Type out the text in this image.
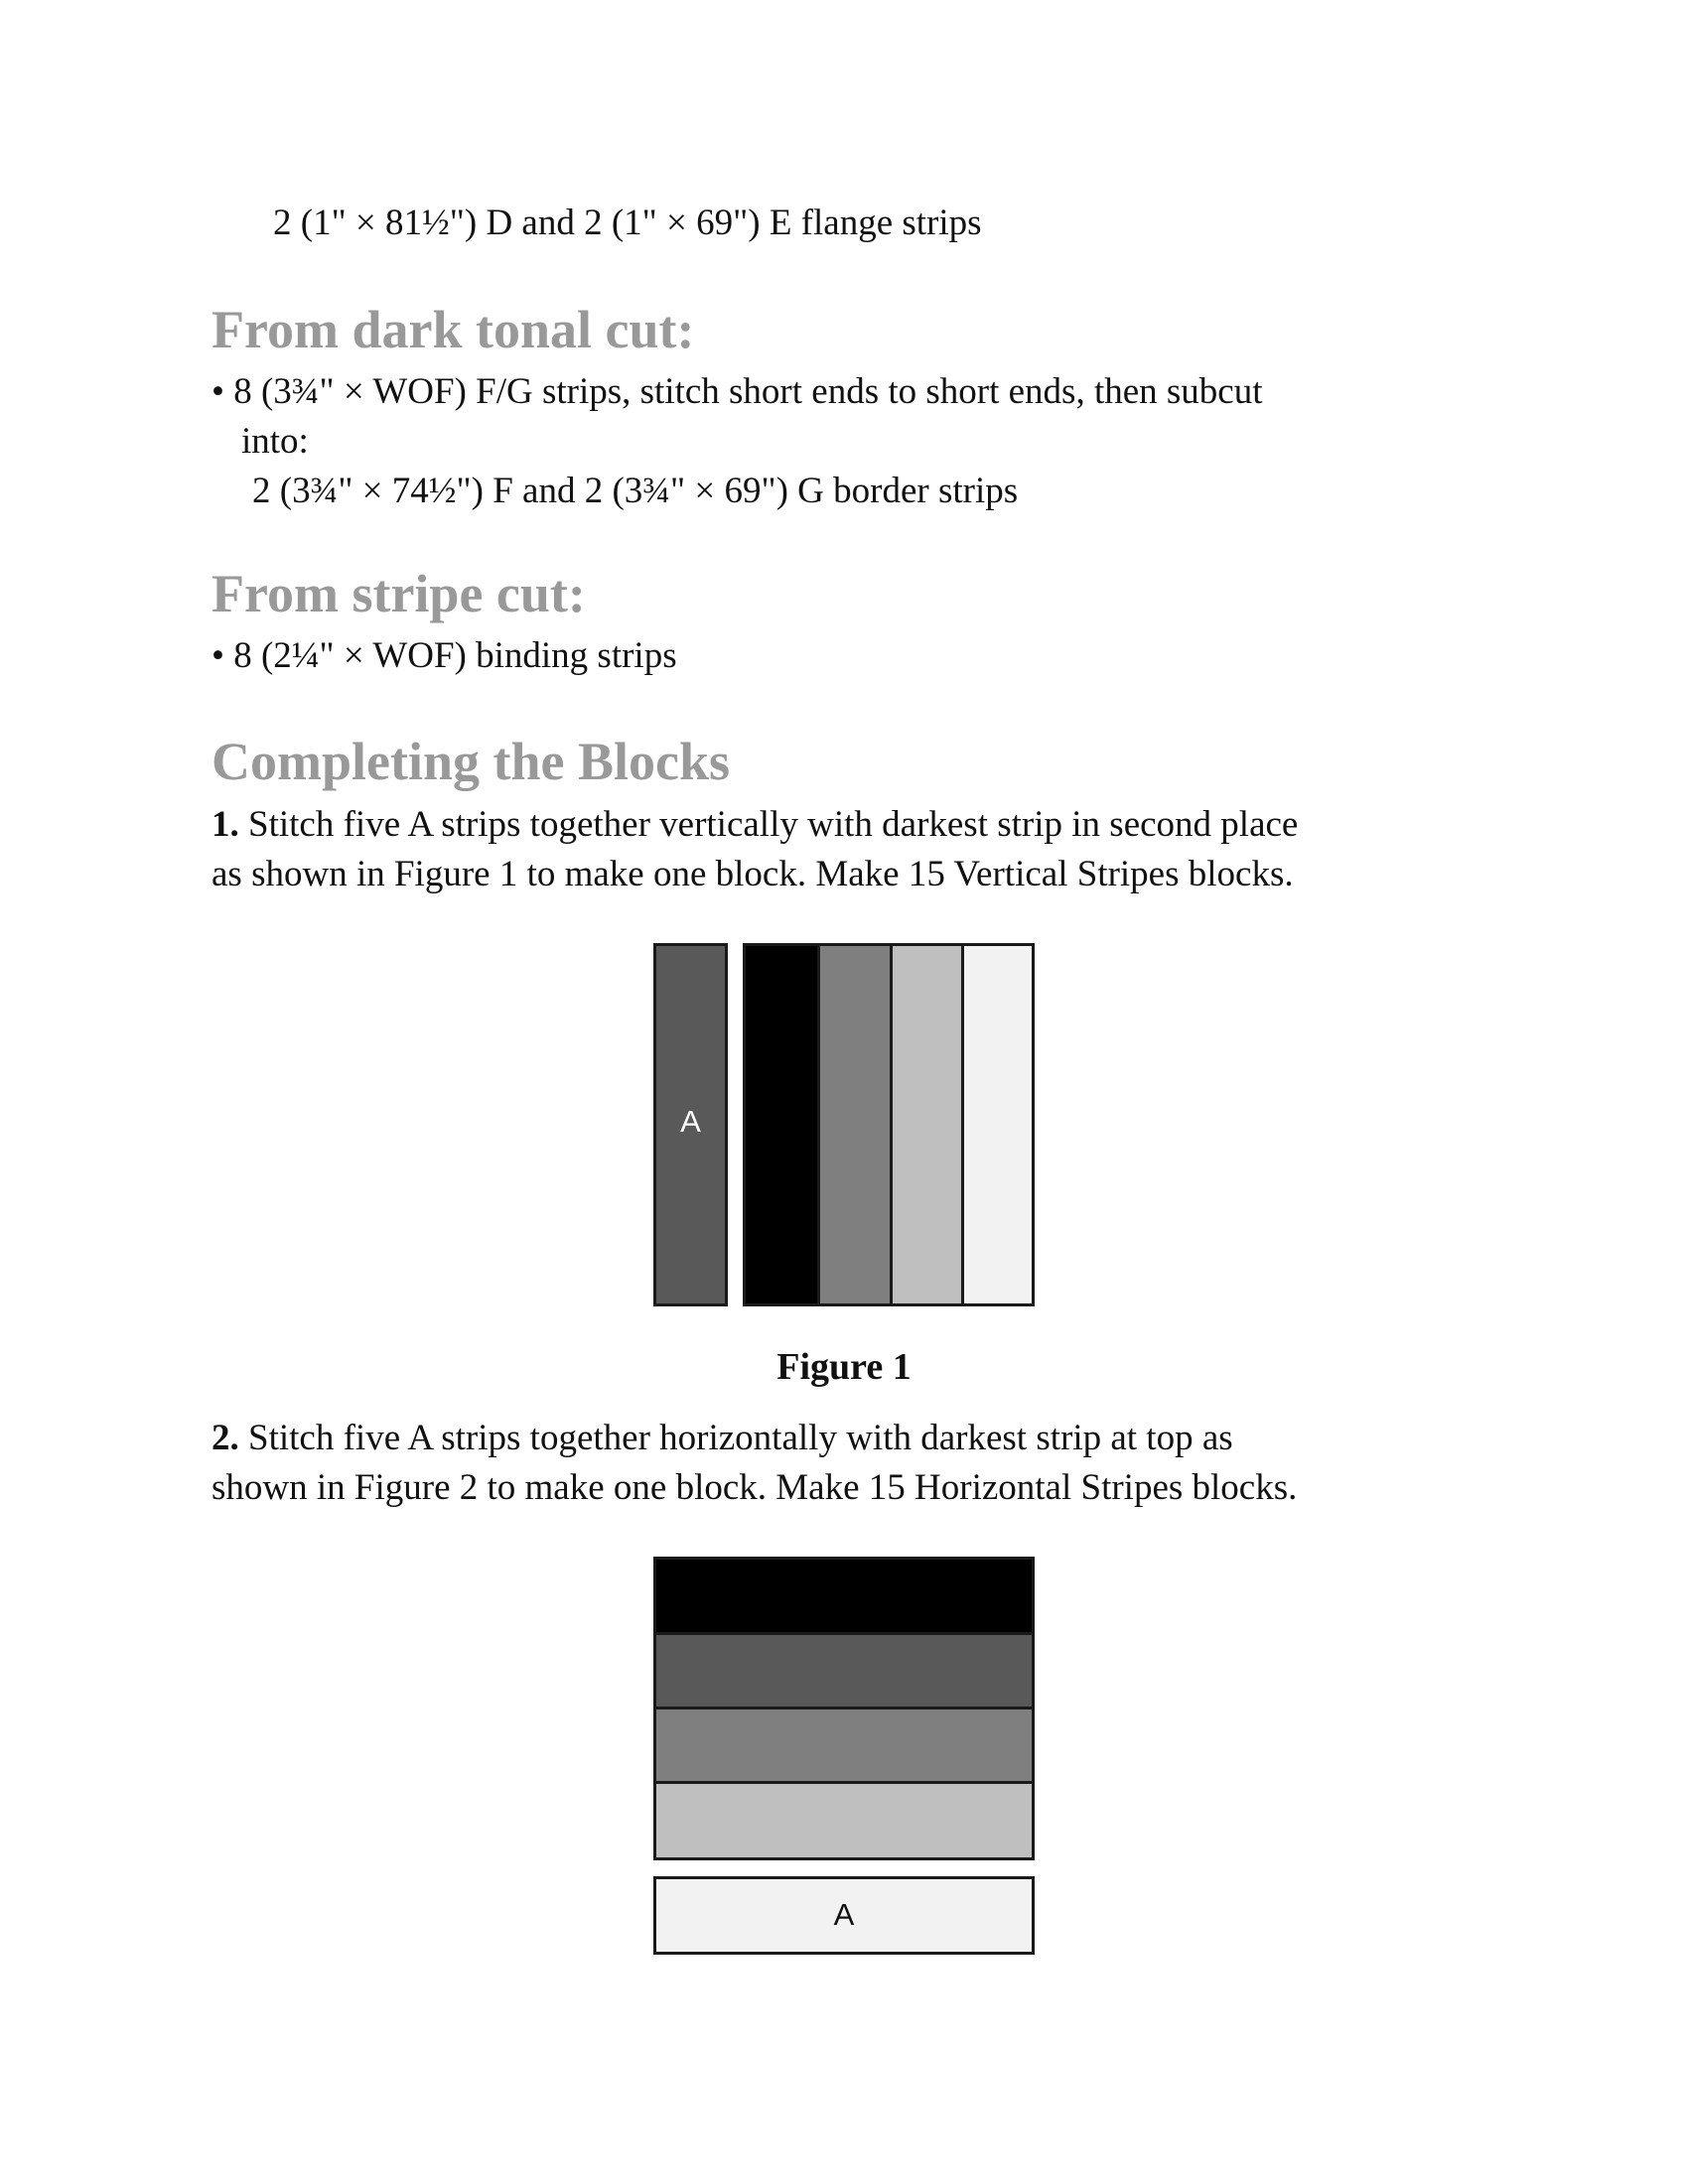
2 (1" × 81½") D and 2 (1" × 69") E flange strips
From dark tonal cut:
• 8 (3¾" × WOF) F/G strips, stitch short ends to short ends, then subcut
into:
2 (3¾" × 74½") F and 2 (3¾" × 69") G border strips
From stripe cut:
• 8 (2¼" × WOF) binding strips
Completing the Blocks
1. Stitch five A strips together vertically with darkest strip in second place
as shown in Figure 1 to make one block. Make 15 Vertical Stripes blocks.
A
Figure 1
2. Stitch five A strips together horizontally with darkest strip at top as
shown in Figure 2 to make one block. Make 15 Horizontal Stripes blocks.
A
